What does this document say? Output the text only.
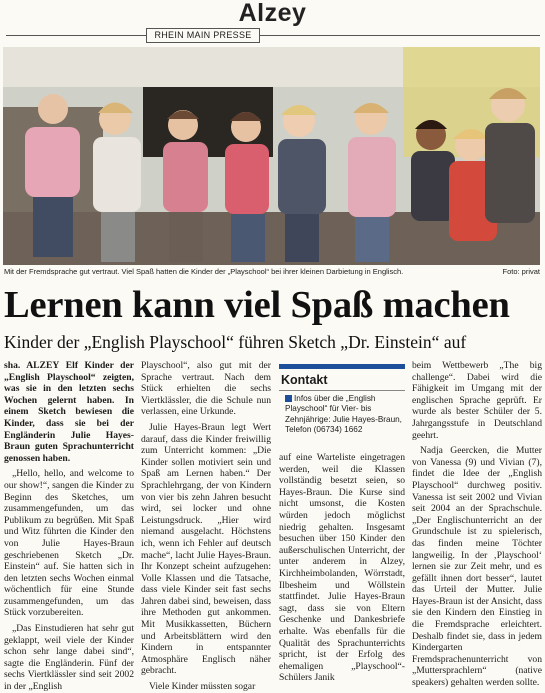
Alzey
RHEIN MAIN PRESSE
Mit der Fremdsprache gut vertraut. Viel Spaß hatten die Kinder der „Playschool“ bei ihrer kleinen Darbietung in Englisch.	Foto: privat
Lernen kann viel Spaß machen
Kinder der „English Playschool“ führen Sketch „Dr. Einstein“ auf

sha. ALZEY Elf Kinder der „English Playschool“ zeigten, was sie in den letzten sechs Wochen gelernt haben. In einem Sketch bewiesen die Kinder, dass sie bei der Engländerin Julie Hayes-Braun guten Sprachunterricht genossen haben.

„Hello, hello, and welcome to our show!“, sangen die Kinder zu Beginn des Sketches, um zusammengefunden, um das Publikum zu begrüßen. Mit Spaß und Witz führten die Kinder den von Julie Hayes-Braun geschriebenen Sketch „Dr. Einstein“ auf. Sie hatten sich in den letzten sechs Wochen einmal wöchentlich für eine Stunde zusammengefunden, um das Stück vorzubereiten.

„Das Einstudieren hat sehr gut geklappt, weil viele der Kinder schon sehr lange dabei sind“, sagte die Engländerin. Fünf der sechs Viertklässler sind seit 2002 in der „English

Playschool“, also gut mit der Sprache vertraut. Nach dem Stück erhielten die sechs Viertklässler, die die Schule nun verlassen, eine Urkunde.

Julie Hayes-Braun legt Wert darauf, dass die Kinder freiwillig zum Unterricht kommen: „Die Kinder sollen motiviert sein und Spaß am Lernen haben.“ Der Sprachlehrgang, der von Kindern von vier bis zehn Jahren besucht wird, sei locker und ohne Leistungsdruck. „Hier wird niemand ausgelacht. Höchstens ich, wenn ich Fehler auf deutsch mache“, lacht Julie Hayes-Braun. Ihr Konzept scheint aufzugehen: Volle Klassen und die Tatsache, dass viele Kinder seit fast sechs Jahren dabei sind, beweisen, dass ihre Methoden gut ankommen. Mit Musikkassetten, Büchern und Arbeitsblättern wird den Kindern in entspannter Atmosphäre Englisch näher gebracht.

Viele Kinder müssten sogar

auf eine Warteliste eingetragen werden, weil die Klassen vollständig besetzt seien, so Hayes-Braun. Die Kurse sind nicht umsonst, die Kosten würden jedoch möglichst niedrig gehalten. Insgesamt besuchen über 150 Kinder den außerschulischen Unterricht, der unter anderem in Alzey, Kirchheimbolanden, Wörrstadt, Ilbesheim und Wöllstein stattfindet. Julie Hayes-Braun sagt, dass sie von Eltern Geschenke und Dankesbriefe erhalte. Was ebenfalls für die Qualität des Sprachunterrichts spricht, ist der Erfolg des ehemaligen „Playschool“-Schülers Janik

Kontakt
Infos über die „English Playschool“ für Vier- bis Zehnjährige: Julie Hayes-Braun, Telefon (06734) 1662

beim Wettbewerb „The big challenge“. Dabei wird die Fähigkeit im Umgang mit der englischen Sprache geprüft. Er wurde als bester Schüler der 5. Jahrgangsstufe in Deutschland geehrt.

Nadja Geercken, die Mutter von Vanessa (9) und Vivian (7), findet die Idee der „English Playschool“ durchweg positiv. Vanessa ist seit 2002 und Vivian seit 2004 an der Sprachschule. „Der Englischunterricht an der Grundschule ist zu spielerisch, das finden meine Töchter langweilig. In der ‚Playschool‘ lernen sie zur Zeit mehr, und es gefällt ihnen dort besser“, lautet das Urteil der Mutter. Julie Hayes-Braun ist der Ansicht, dass sie den Kindern den Einstieg in die Fremdsprache erleichtert. Deshalb findet sie, dass in jedem Kindergarten Fremdsprachenunterricht von „Muttersprachlern“ (native speakers) gehalten werden sollte.
